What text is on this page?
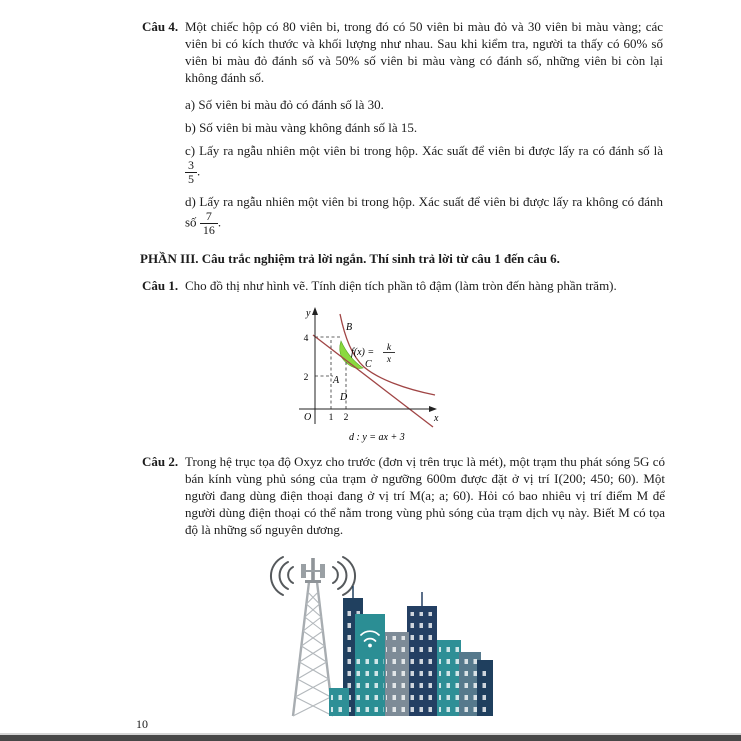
Câu 4. Một chiếc hộp có 80 viên bi, trong đó có 50 viên bi màu đỏ và 30 viên bi màu vàng; các viên bi có kích thước và khối lượng như nhau. Sau khi kiểm tra, người ta thấy có 60% số viên bi màu đỏ đánh số và 50% số viên bi màu vàng có đánh số, những viên bi còn lại không đánh số.
a) Số viên bi màu đỏ có đánh số là 30.
b) Số viên bi màu vàng không đánh số là 15.
c) Lấy ra ngẫu nhiên một viên bi trong hộp. Xác suất để viên bi được lấy ra có đánh số là
$\frac{3}{5}$ .
d) Lấy ra ngẫu nhiên một viên bi trong hộp. Xác suất để viên bi được lấy ra không có đánh số $\frac{7}{16}$ .
PHẦN III. Câu trắc nghiệm trả lời ngắn. Thí sinh trả lời từ câu 1 đến câu 6.
Câu 1. Cho đồ thị như hình vẽ. Tính diện tích phần tô đậm (làm tròn đến hàng phần trăm).
y
x
O
4
2
1 2
B
C
A
D
f(x) = k
x
d : y = ax + 3
Câu 2. Trong hệ trục tọa độ Oxyz cho trước (đơn vị trên trục là mét), một trạm thu phát sóng 5G có bán kính vùng phủ sóng của trạm ở ngưỡng 600m được đặt ở vị trí I(200; 450; 60). Một người đang dùng điện thoại đang ở vị trí M(a; a; 60). Hỏi có bao nhiêu vị trí điểm M để người dùng điện thoại có thể nằm trong vùng phủ sóng của trạm dịch vụ này. Biết M có tọa độ là những số nguyên dương.
10
